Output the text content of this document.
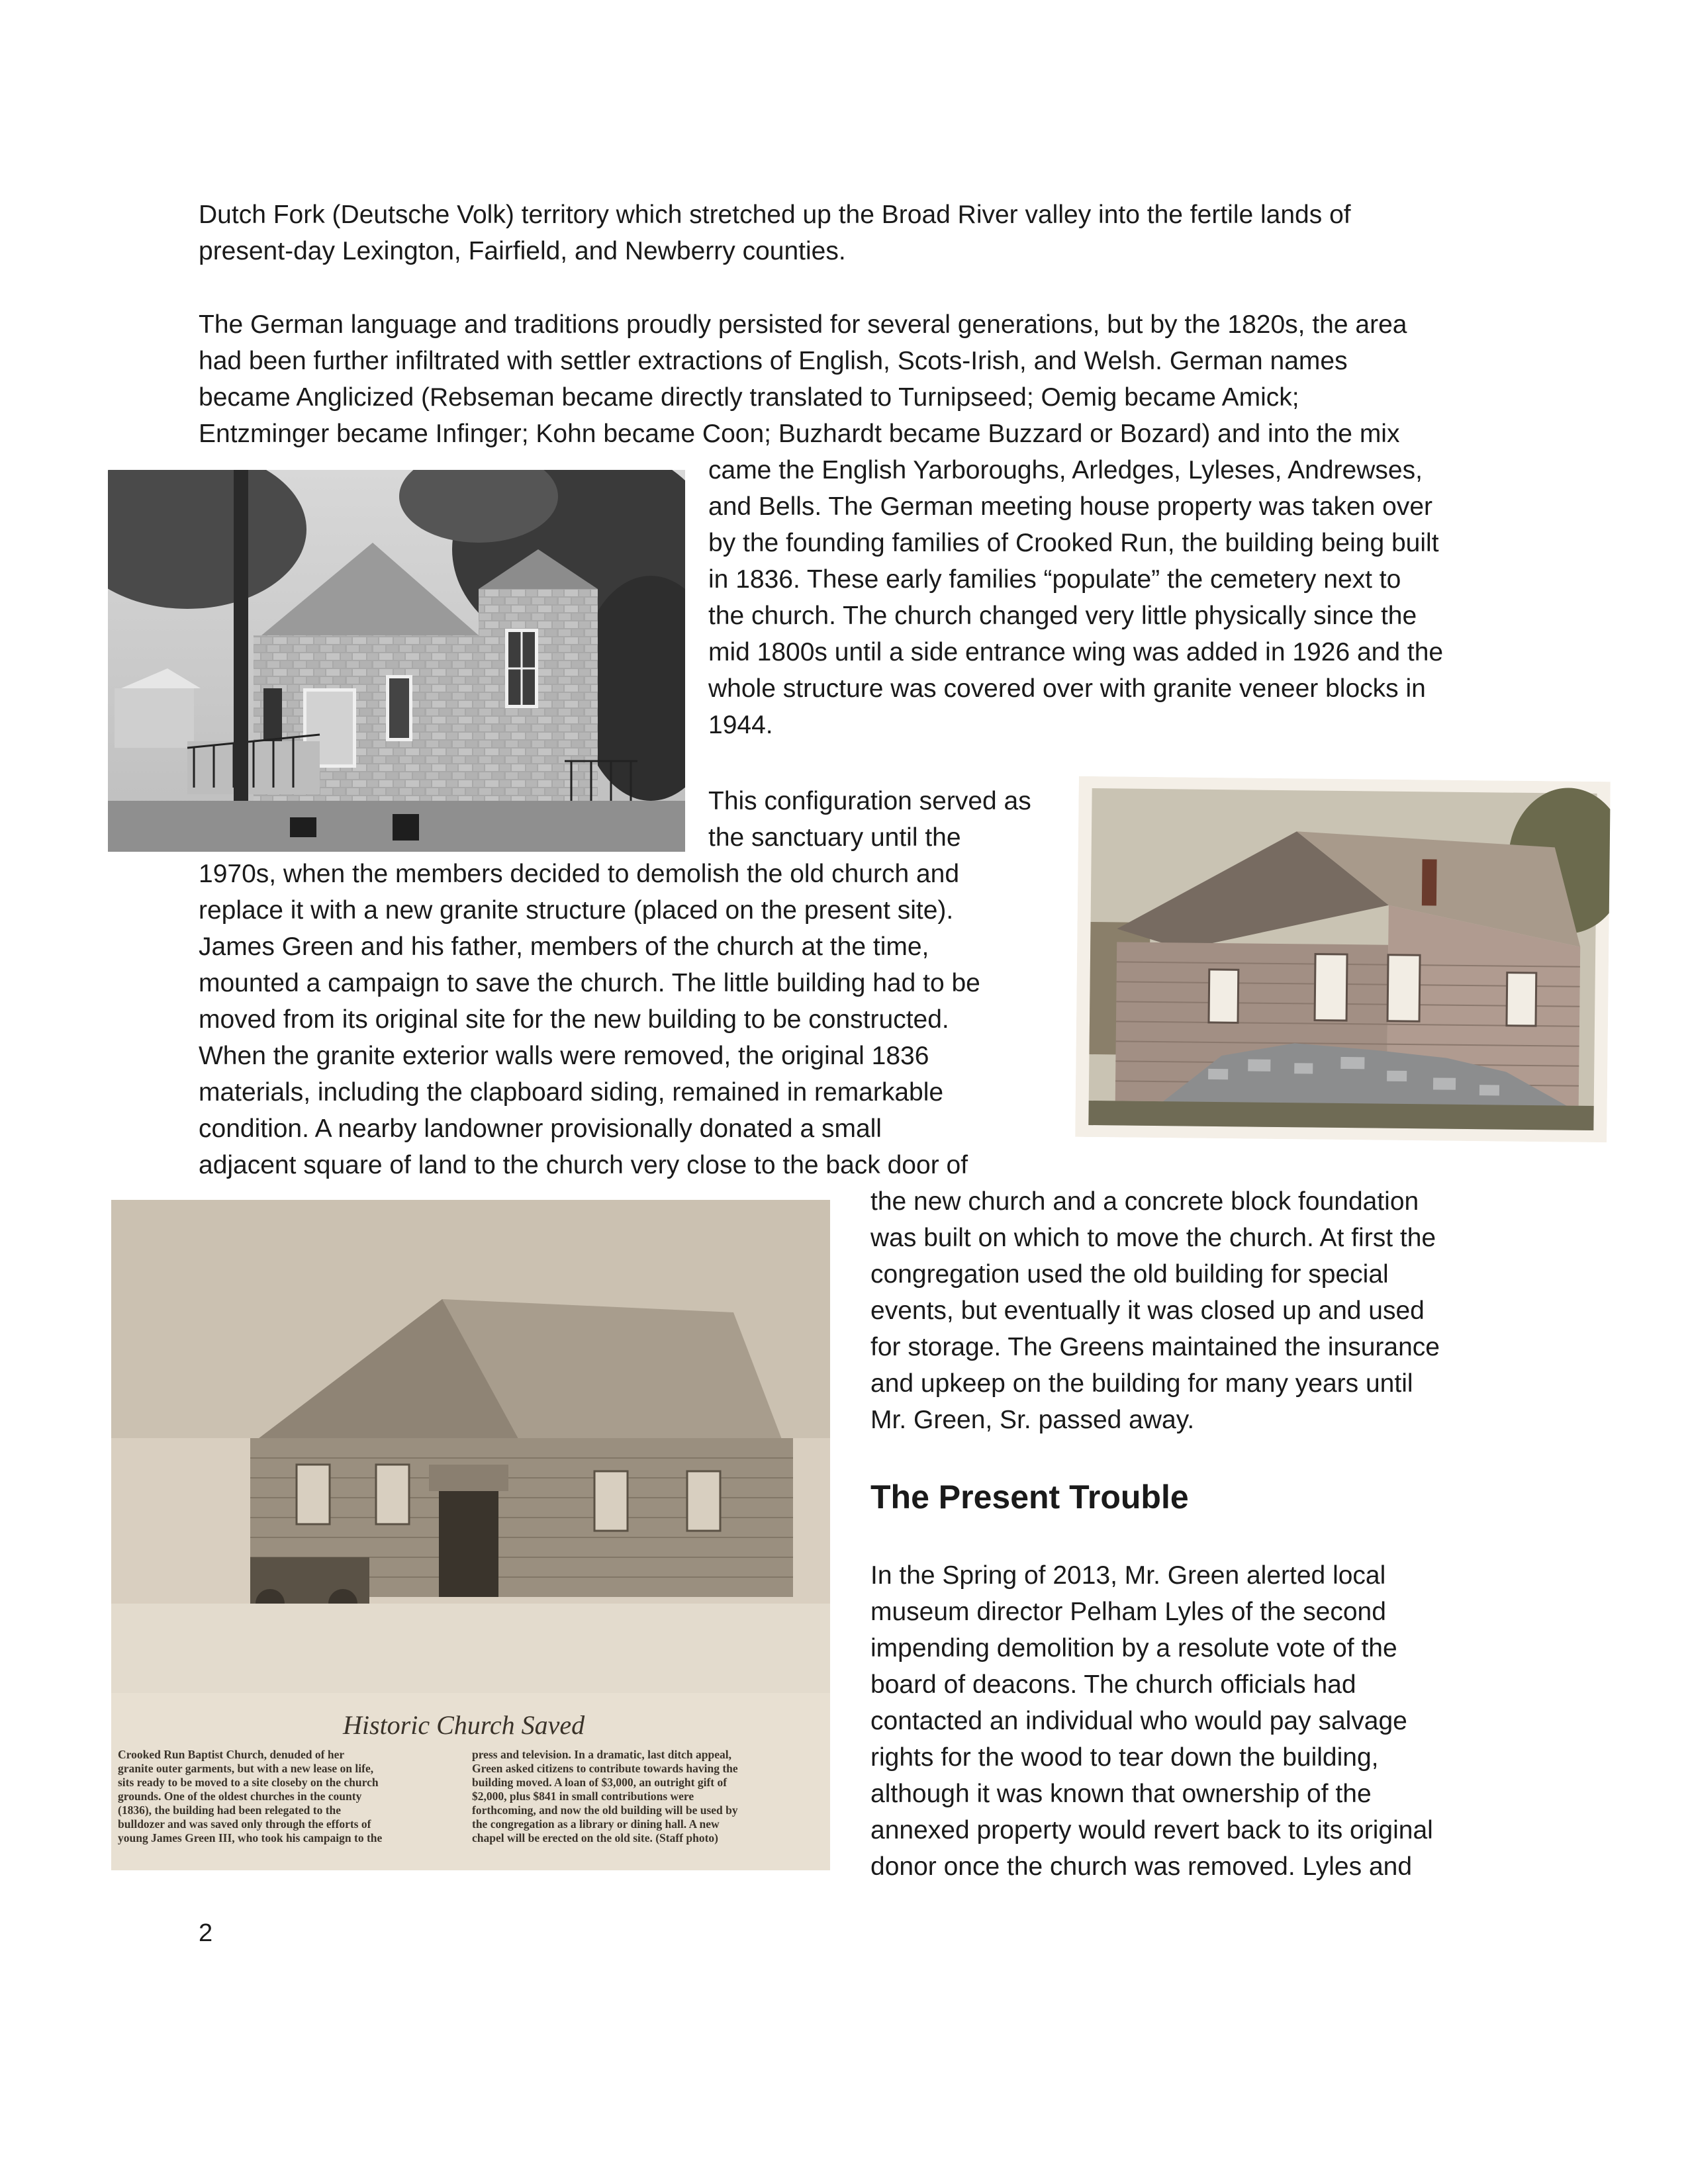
Dutch Fork (Deutsche Volk) territory which stretched up the Broad River valley into the fertile lands of
present-day Lexington, Fairfield, and Newberry counties.
The German language and traditions proudly persisted for several generations, but by the 1820s, the area
had been further infiltrated with settler extractions of English, Scots-Irish, and Welsh. German names
became Anglicized (Rebseman became directly translated to Turnipseed; Oemig became Amick;
Entzminger became Infinger; Kohn became Coon; Buzhardt became Buzzard or Bozard) and into the mix
came the English Yarboroughs, Arledges, Lyleses, Andrewses,
and Bells. The German meeting house property was taken over
by the founding families of Crooked Run, the building being built
in 1836. These early families “populate” the cemetery next to
the church. The church changed very little physically since the
mid 1800s until a side entrance wing was added in 1926 and the
whole structure was covered over with granite veneer blocks in
1944.
This configuration served as
the sanctuary until the
1970s, when the members decided to demolish the old church and
replace it with a new granite structure (placed on the present site).
James Green and his father, members of the church at the time,
mounted a campaign to save the church. The little building had to be
moved from its original site for the new building to be constructed.
When the granite exterior walls were removed, the original 1836
materials, including the clapboard siding, remained in remarkable
condition. A nearby landowner provisionally donated a small
adjacent square of land to the church very close to the back door of
the new church and a concrete block foundation
was built on which to move the church. At first the
congregation used the old building for special
events, but eventually it was closed up and used
for storage. The Greens maintained the insurance
and upkeep on the building for many years until
Mr. Green, Sr. passed away.
The Present Trouble
In the Spring of 2013, Mr. Green alerted local
museum director Pelham Lyles of the second
impending demolition by a resolute vote of the
board of deacons. The church officials had
contacted an individual who would pay salvage
rights for the wood to tear down the building,
although it was known that ownership of the
annexed property would revert back to its original
donor once the church was removed. Lyles and
Historic Church Saved
Crooked Run Baptist Church, denuded of her
granite outer garments, but with a new lease on life,
sits ready to be moved to a site closeby on the church
grounds. One of the oldest churches in the county
(1836), the building had been relegated to the
bulldozer and was saved only through the efforts of
young James Green III, who took his campaign to the
press and television. In a dramatic, last ditch appeal,
Green asked citizens to contribute towards having the
building moved. A loan of $3,000, an outright gift of
$2,000, plus $841 in small contributions were
forthcoming, and now the old building will be used by
the congregation as a library or dining hall. A new
chapel will be erected on the old site. (Staff photo)
2
